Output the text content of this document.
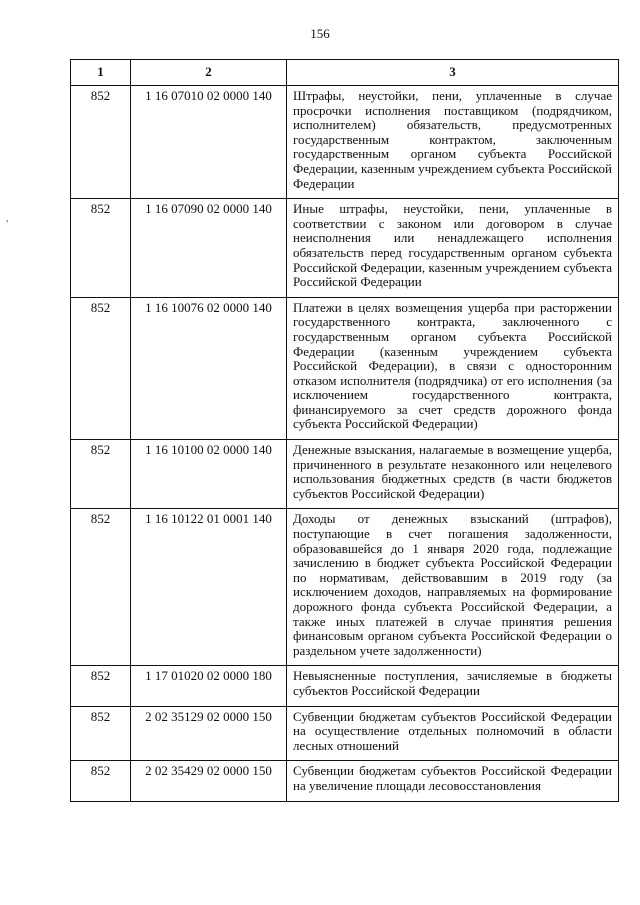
156
,
1	2	3
852	1 16 07010 02 0000 140	Штрафы, неустойки, пени, уплаченные в случае просрочки исполнения поставщиком (подрядчиком, исполнителем) обязательств, предусмотренных государственным контрактом, заключенным государственным органом субъекта Российской Федерации, казенным учреждением субъекта Российской Федерации
852	1 16 07090 02 0000 140	Иные штрафы, неустойки, пени, уплаченные в соответствии с законом или договором в случае неисполнения или ненадлежащего исполнения обязательств перед государственным органом субъекта Российской Федерации, казенным учреждением субъекта Российской Федерации
852	1 16 10076 02 0000 140	Платежи в целях возмещения ущерба при расторжении государственного контракта, заключенного с государственным органом субъекта Российской Федерации (казенным учреждением субъекта Российской Федерации), в связи с односторонним отказом исполнителя (подрядчика) от его исполнения (за исключением государственного контракта, финансируемого за счет средств дорожного фонда субъекта Российской Федерации)
852	1 16 10100 02 0000 140	Денежные взыскания, налагаемые в возмещение ущерба, причиненного в результате незаконного или нецелевого использования бюджетных средств (в части бюджетов субъектов Российской Федерации)
852	1 16 10122 01 0001 140	Доходы от денежных взысканий (штрафов), поступающие в счет погашения задолженности, образовавшейся до 1 января 2020 года, подлежащие зачислению в бюджет субъекта Российской Федерации по нормативам, действовавшим в 2019 году (за исключением доходов, направляемых на формирование дорожного фонда субъекта Российской Федерации, а также иных платежей в случае принятия решения финансовым органом субъекта Российской Федерации о раздельном учете задолженности)
852	1 17 01020 02 0000 180	Невыясненные поступления, зачисляемые в бюджеты субъектов Российской Федерации
852	2 02 35129 02 0000 150	Субвенции бюджетам субъектов Российской Федерации на осуществление отдельных полномочий в области лесных отношений
852	2 02 35429 02 0000 150	Субвенции бюджетам субъектов Российской Федерации на увеличение площади лесовосстановления
